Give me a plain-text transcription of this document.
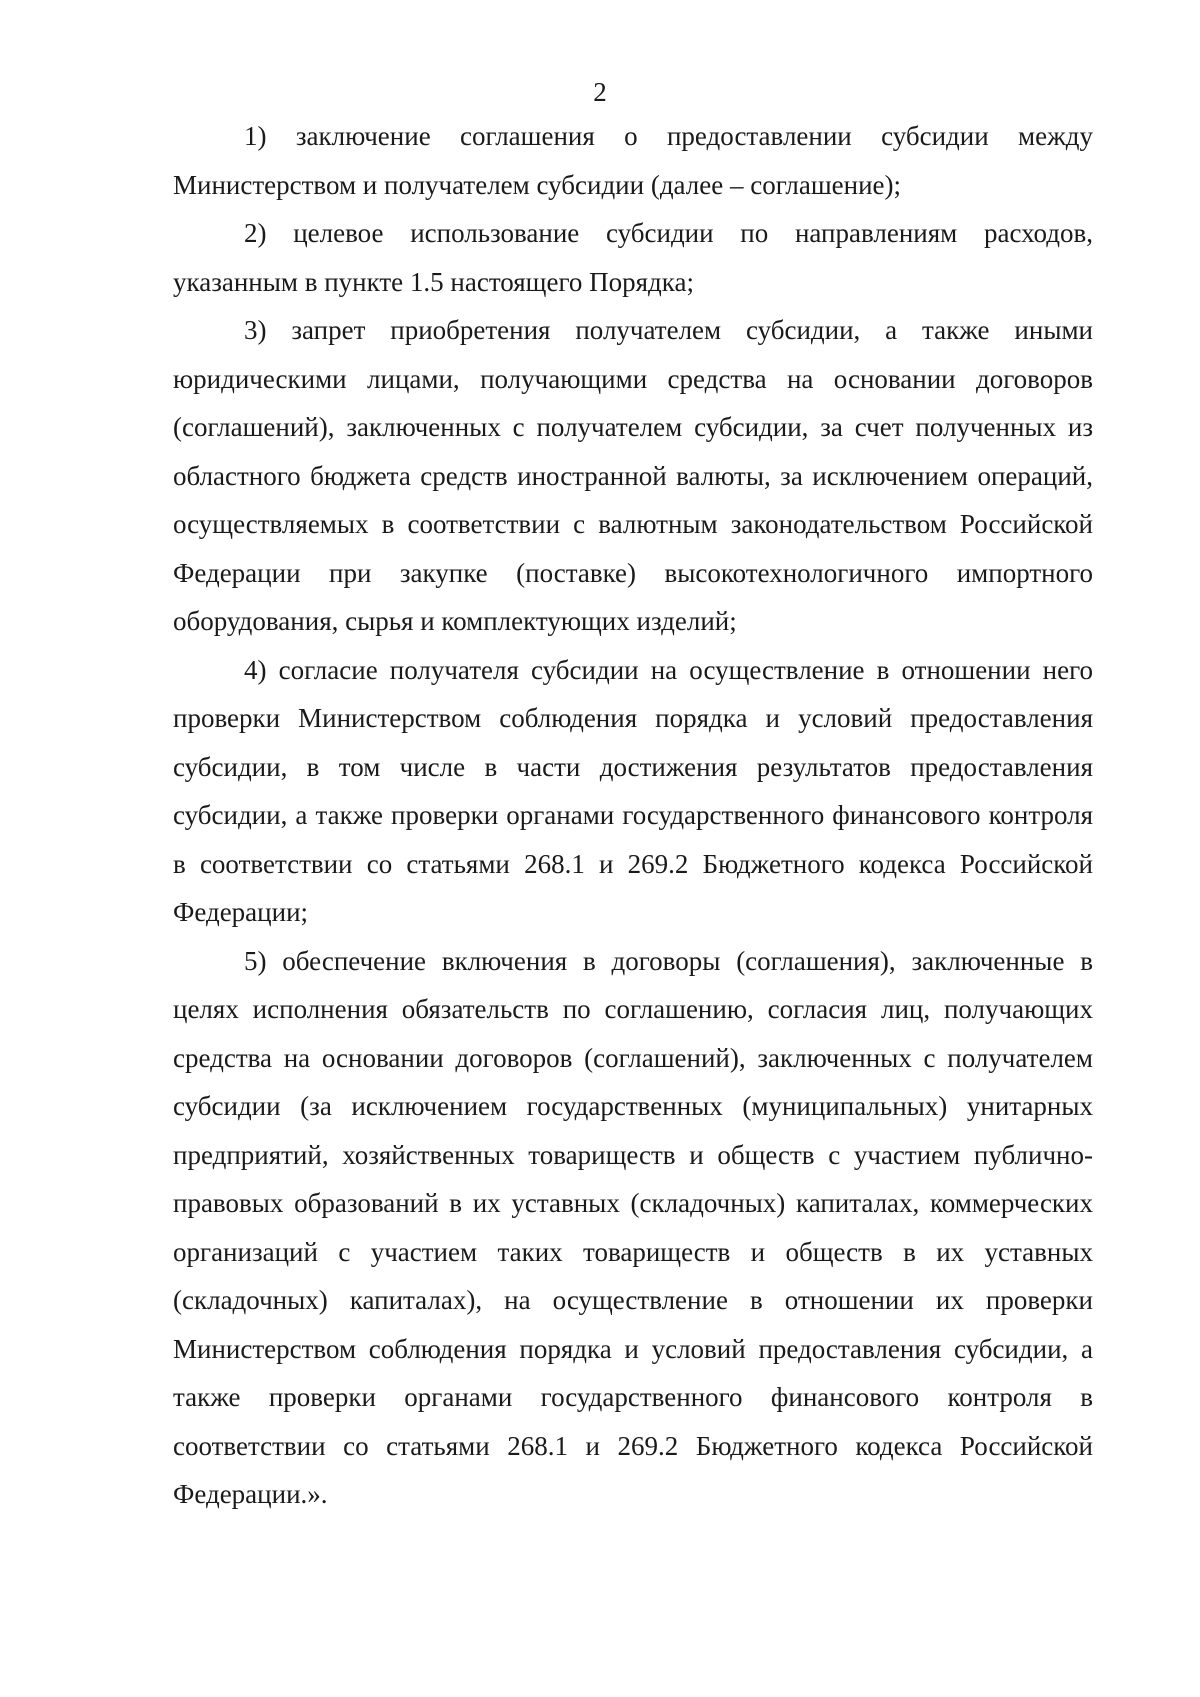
2

1) заключение соглашения о предоставлении субсидии между Министерством и получателем субсидии (далее – соглашение);

2) целевое использование субсидии по направлениям расходов, указанным в пункте 1.5 настоящего Порядка;

3) запрет приобретения получателем субсидии, а также иными юридическими лицами, получающими средства на основании договоров (соглашений), заключенных с получателем субсидии, за счет полученных из областного бюджета средств иностранной валюты, за исключением операций, осуществляемых в соответствии с валютным законодательством Российской Федерации при закупке (поставке) высокотехнологичного импортного оборудования, сырья и комплектующих изделий;

4) согласие получателя субсидии на осуществление в отношении него проверки Министерством соблюдения порядка и условий предоставления субсидии, в том числе в части достижения результатов предоставления субсидии, а также проверки органами государственного финансового контроля в соответствии со статьями 268.1 и 269.2 Бюджетного кодекса Российской Федерации;

5) обеспечение включения в договоры (соглашения), заключенные в целях исполнения обязательств по соглашению, согласия лиц, получающих средства на основании договоров (соглашений), заключенных с получателем субсидии (за исключением государственных (муниципальных) унитарных предприятий, хозяйственных товариществ и обществ с участием публично-правовых образований в их уставных (складочных) капиталах, коммерческих организаций с участием таких товариществ и обществ в их уставных (складочных) капиталах), на осуществление в отношении их проверки Министерством соблюдения порядка и условий предоставления субсидии, а также проверки органами государственного финансового контроля в соответствии со статьями 268.1 и 269.2 Бюджетного кодекса Российской Федерации.».
